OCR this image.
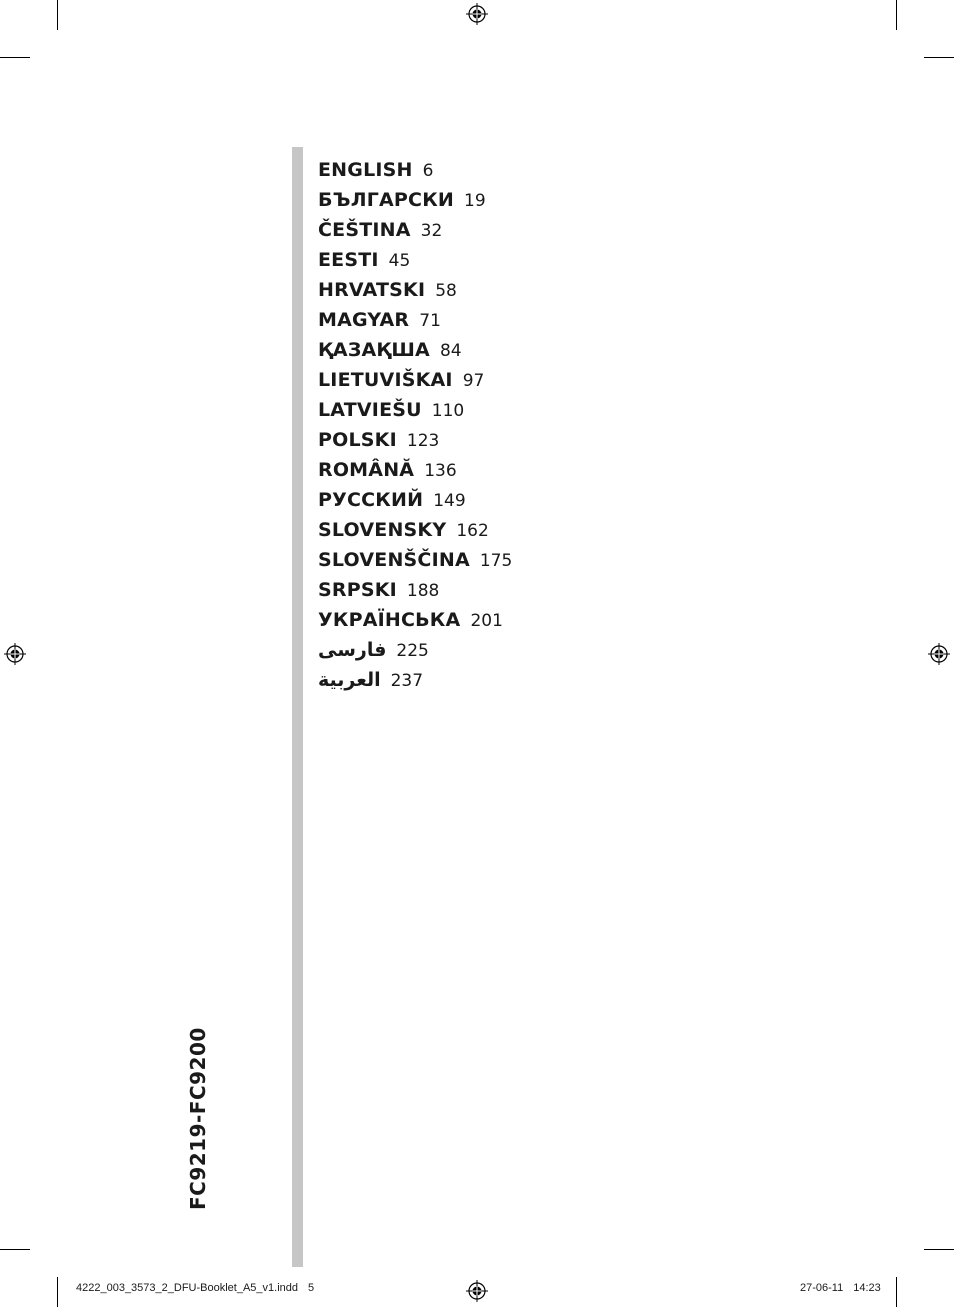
ENGLISH 6
БЪЛГАРСКИ 19
ČEŠTINA 32
EESTI 45
HRVATSKI 58
MAGYAR 71
ҚАЗАҚША 84
LIETUVIŠKAI 97
LATVIEŠU 110
POLSKI 123
ROMÂNĂ 136
РУССКИЙ 149
SLOVENSKY 162
SLOVENŠČINA 175
SRPSKI 188
УКРАЇНСЬКА 201
فارسی 225
العربية 237
FC9219-FC9200
4222_003_3573_2_DFU-Booklet_A5_v1.indd 5	27-06-11 14:23
